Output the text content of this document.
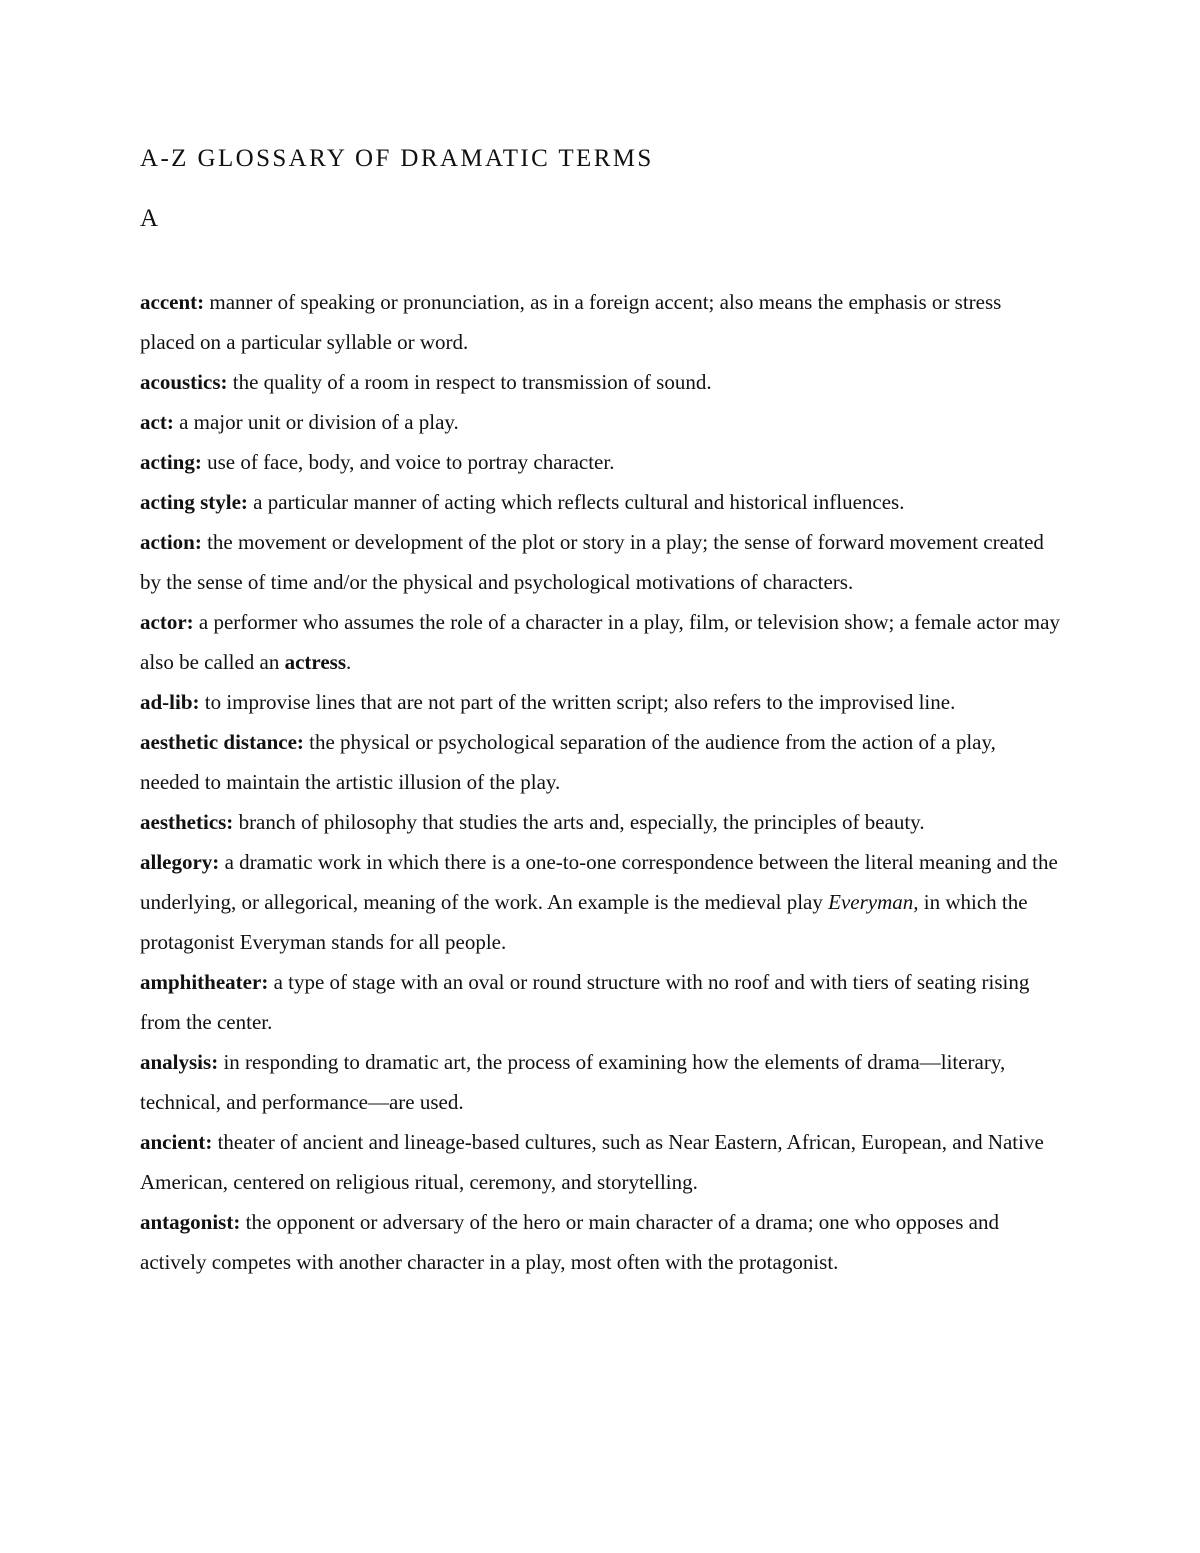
A-Z GLOSSARY OF DRAMATIC TERMS
A

accent: manner of speaking or pronunciation, as in a foreign accent; also means the emphasis or stress placed on a particular syllable or word.

acoustics: the quality of a room in respect to transmission of sound.

act: a major unit or division of a play.

acting: use of face, body, and voice to portray character.

acting style: a particular manner of acting which reflects cultural and historical influences.

action: the movement or development of the plot or story in a play; the sense of forward movement created by the sense of time and/or the physical and psychological motivations of characters.

actor: a performer who assumes the role of a character in a play, film, or television show; a female actor may also be called an actress.

ad-lib: to improvise lines that are not part of the written script; also refers to the improvised line.

aesthetic distance: the physical or psychological separation of the audience from the action of a play, needed to maintain the artistic illusion of the play.

aesthetics: branch of philosophy that studies the arts and, especially, the principles of beauty.

allegory: a dramatic work in which there is a one-to-one correspondence between the literal meaning and the underlying, or allegorical, meaning of the work. An example is the medieval play Everyman, in which the protagonist Everyman stands for all people.

amphitheater: a type of stage with an oval or round structure with no roof and with tiers of seating rising from the center.

analysis: in responding to dramatic art, the process of examining how the elements of drama—literary, technical, and performance—are used.

ancient: theater of ancient and lineage-based cultures, such as Near Eastern, African, European, and Native American, centered on religious ritual, ceremony, and storytelling.

antagonist: the opponent or adversary of the hero or main character of a drama; one who opposes and actively competes with another character in a play, most often with the protagonist.
